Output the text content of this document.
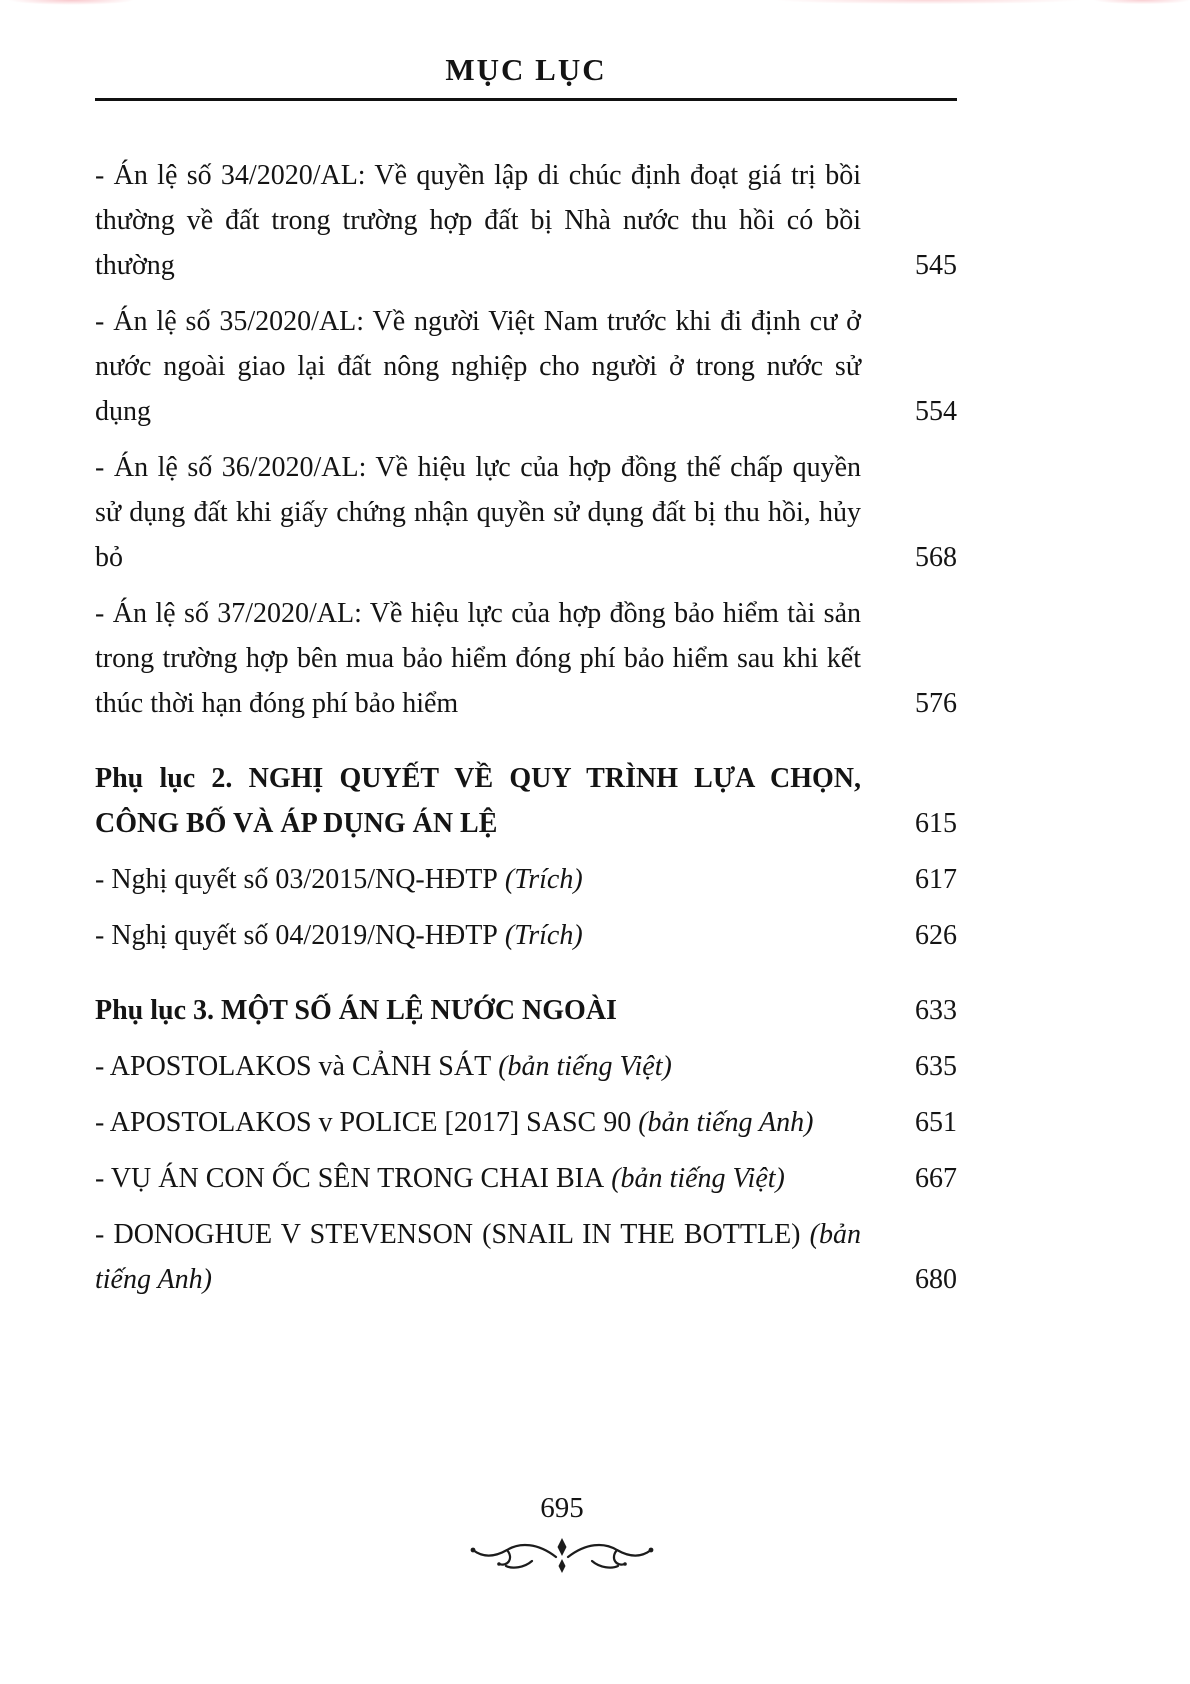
MỤC LỤC
- Án lệ số 34/2020/AL: Về quyền lập di chúc định đoạt giá trị bồi thường về đất trong trường hợp đất bị Nhà nước thu hồi có bồi thường	545
- Án lệ số 35/2020/AL: Về người Việt Nam trước khi đi định cư ở nước ngoài giao lại đất nông nghiệp cho người ở trong nước sử dụng	554
- Án lệ số 36/2020/AL: Về hiệu lực của hợp đồng thế chấp quyền sử dụng đất khi giấy chứng nhận quyền sử dụng đất bị thu hồi, hủy bỏ	568
- Án lệ số 37/2020/AL: Về hiệu lực của hợp đồng bảo hiểm tài sản trong trường hợp bên mua bảo hiểm đóng phí bảo hiểm sau khi kết thúc thời hạn đóng phí bảo hiểm	576
Phụ lục 2. NGHỊ QUYẾT VỀ QUY TRÌNH LỰA CHỌN, CÔNG BỐ VÀ ÁP DỤNG ÁN LỆ	615
- Nghị quyết số 03/2015/NQ-HĐTP (Trích)	617
- Nghị quyết số 04/2019/NQ-HĐTP (Trích)	626
Phụ lục 3. MỘT SỐ ÁN LỆ NƯỚC NGOÀI	633
- APOSTOLAKOS và CẢNH SÁT (bản tiếng Việt)	635
- APOSTOLAKOS v POLICE [2017] SASC 90 (bản tiếng Anh)	651
- VỤ ÁN CON ỐC SÊN TRONG CHAI BIA (bản tiếng Việt)	667
- DONOGHUE V STEVENSON (SNAIL IN THE BOTTLE) (bản tiếng Anh)	680
695
